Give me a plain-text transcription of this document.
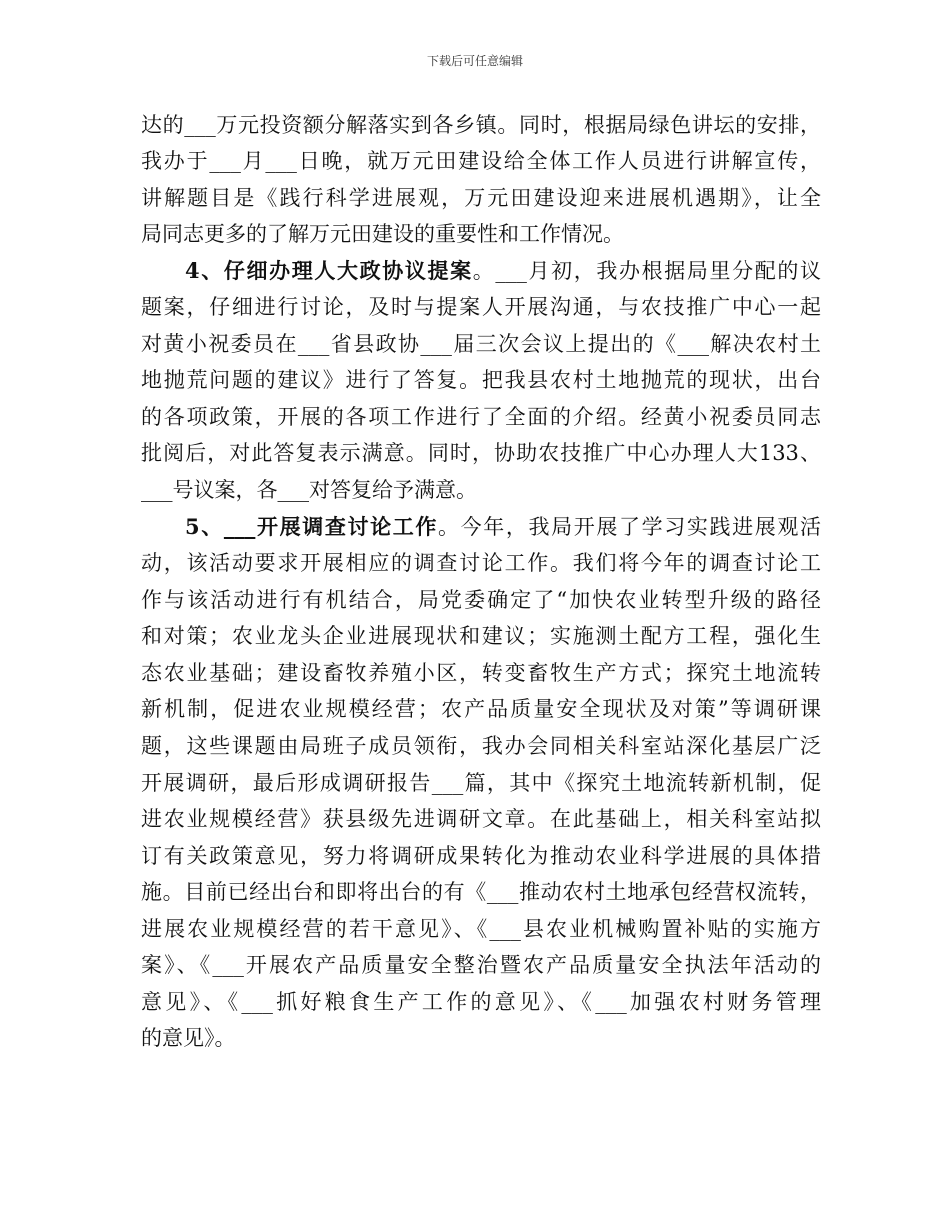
下载后可任意编辑
达的___万元投资额分解落实到各乡镇。同时，根据局绿色讲坛的安排，
我办于___月___日晚，就万元田建设给全体工作人员进行讲解宣传，
讲解题目是《践行科学进展观，万元田建设迎来进展机遇期》，让全
局同志更多的了解万元田建设的重要性和工作情况。
4、仔细办理人大政协议提案。___月初，我办根据局里分配的议
题案，仔细进行讨论，及时与提案人开展沟通，与农技推广中心一起
对黄小祝委员在___省县政协___届三次会议上提出的《___解决农村土
地抛荒问题的建议》进行了答复。把我县农村土地抛荒的现状，出台
的各项政策，开展的各项工作进行了全面的介绍。经黄小祝委员同志
批阅后，对此答复表示满意。同时，协助农技推广中心办理人大133、
___号议案，各___对答复给予满意。
5、___开展调查讨论工作。今年，我局开展了学习实践进展观活
动，该活动要求开展相应的调查讨论工作。我们将今年的调查讨论工
作与该活动进行有机结合，局党委确定了“加快农业转型升级的路径
和对策；农业龙头企业进展现状和建议；实施测土配方工程，强化生
态农业基础；建设畜牧养殖小区，转变畜牧生产方式；探究土地流转
新机制，促进农业规模经营；农产品质量安全现状及对策”等调研课
题，这些课题由局班子成员领衔，我办会同相关科室站深化基层广泛
开展调研，最后形成调研报告___篇，其中《探究土地流转新机制，促
进农业规模经营》获县级先进调研文章。在此基础上，相关科室站拟
订有关政策意见，努力将调研成果转化为推动农业科学进展的具体措
施。目前已经出台和即将出台的有《___推动农村土地承包经营权流转，
进展农业规模经营的若干意见》、《___县农业机械购置补贴的实施方
案》、《___开展农产品质量安全整治暨农产品质量安全执法年活动的
意见》、《___抓好粮食生产工作的意见》、《___加强农村财务管理
的意见》。
